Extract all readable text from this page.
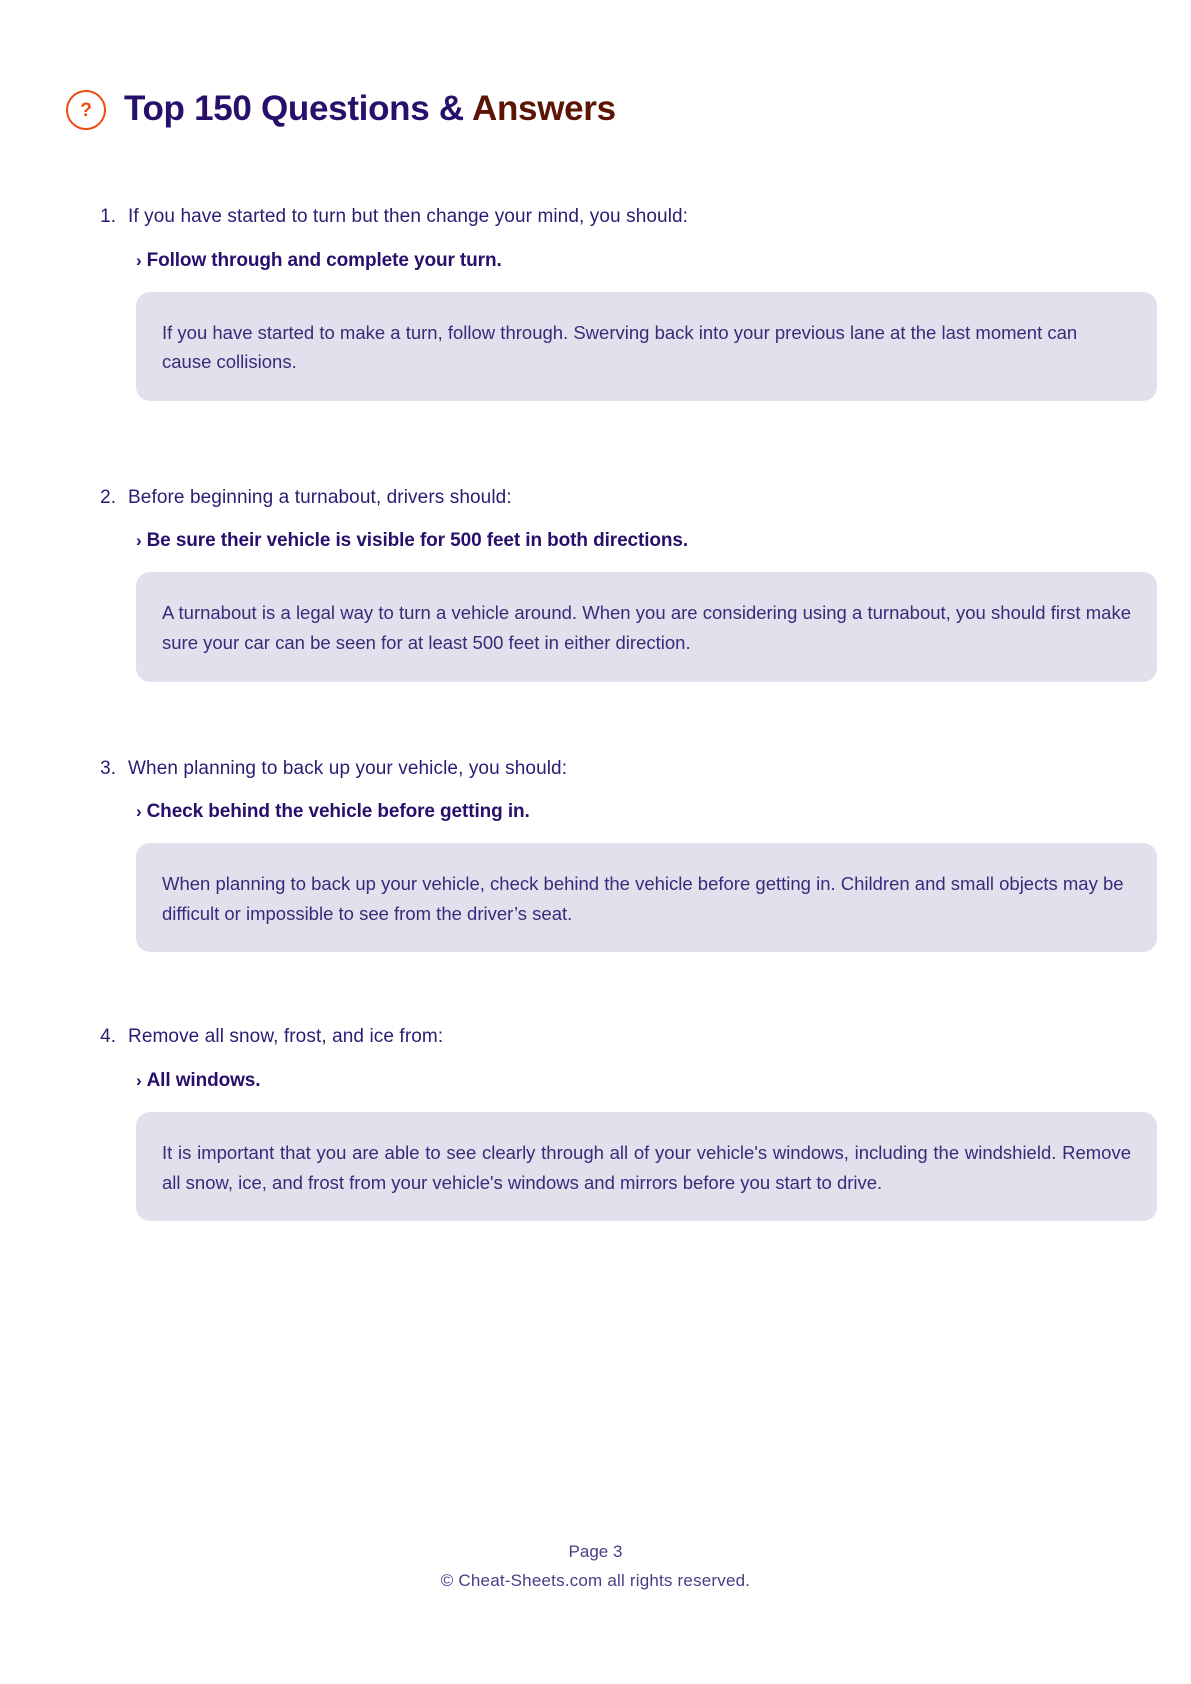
? Top 150 Questions & Answers
1. If you have started to turn but then change your mind, you should:
› Follow through and complete your turn.
If you have started to make a turn, follow through. Swerving back into your previous lane at the last moment can cause collisions.
2. Before beginning a turnabout, drivers should:
› Be sure their vehicle is visible for 500 feet in both directions.
A turnabout is a legal way to turn a vehicle around. When you are considering using a turnabout, you should first make sure your car can be seen for at least 500 feet in either direction.
3. When planning to back up your vehicle, you should:
› Check behind the vehicle before getting in.
When planning to back up your vehicle, check behind the vehicle before getting in. Children and small objects may be difficult or impossible to see from the driver’s seat.
4. Remove all snow, frost, and ice from:
› All windows.
It is important that you are able to see clearly through all of your vehicle's windows, including the windshield. Remove all snow, ice, and frost from your vehicle's windows and mirrors before you start to drive.
Page 3
© Cheat-Sheets.com all rights reserved.
